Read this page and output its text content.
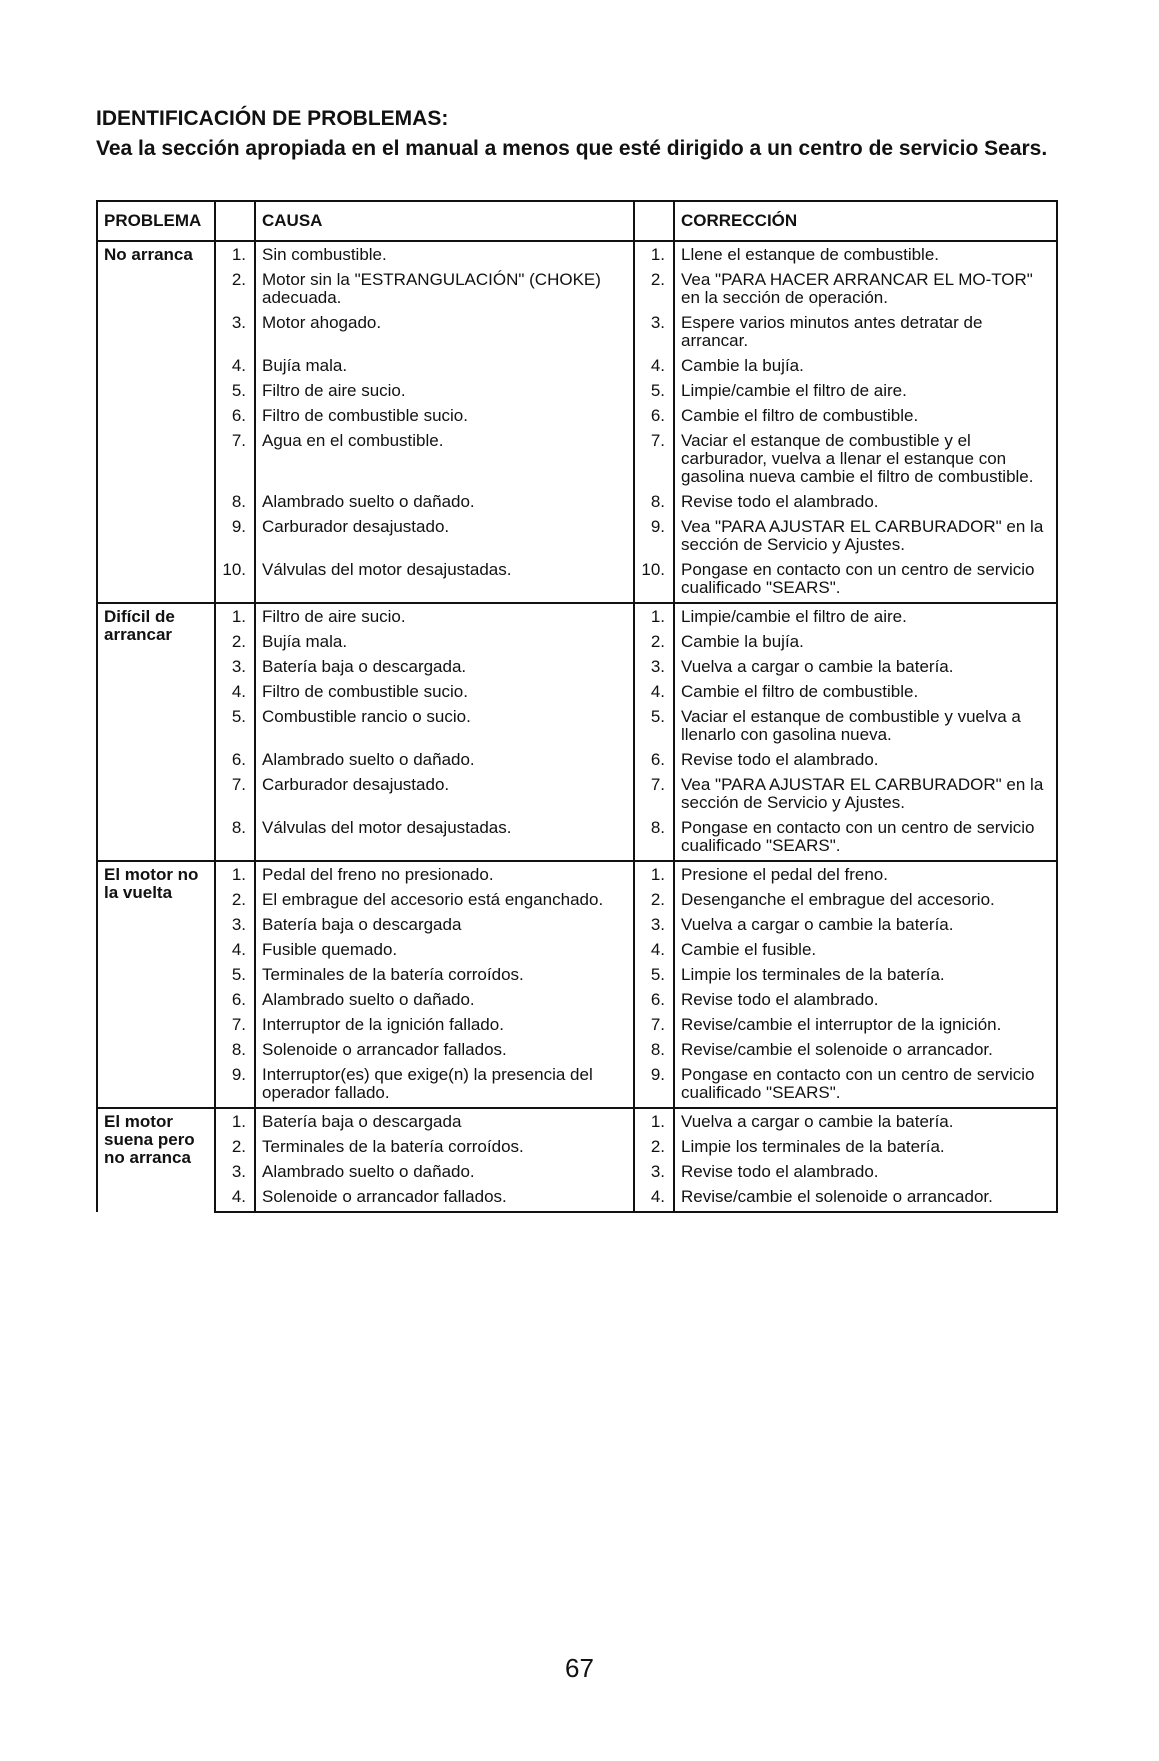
IDENTIFICACIÓN DE PROBLEMAS:
Vea la sección apropiada en el manual a menos que esté dirigido a un centro de servicio Sears.
PROBLEMA		CAUSA		CORRECCIÓN
No arranca	1.	Sin combustible.	1.	Llene el estanque de combustible.
	2.	Motor sin la "ESTRANGULACIÓN" (CHOKE) adecuada.	2.	Vea "PARA HACER ARRANCAR EL MO-TOR" en la sección de operación.
	3.	Motor ahogado.	3.	Espere varios minutos antes detratar de arrancar.
	4.	Bujía mala.	4.	Cambie la bujía.
	5.	Filtro de aire sucio.	5.	Limpie/cambie el filtro de aire.
	6.	Filtro de combustible sucio.	6.	Cambie el filtro de combustible.
	7.	Agua en el combustible.	7.	Vaciar el estanque de combustible y el carburador, vuelva a llenar el estanque con gasolina nueva cambie el filtro de combustible.
	8.	Alambrado suelto o dañado.	8.	Revise todo el alambrado.
	9.	Carburador desajustado.	9.	Vea "PARA AJUSTAR EL CARBURADOR" en la sección de Servicio y Ajustes.
	10.	Válvulas del motor desajustadas.	10.	Pongase en contacto con un centro de servicio cualificado "SEARS".
Difícil de arrancar	1.	Filtro de aire sucio.	1.	Limpie/cambie el filtro de aire.
	2.	Bujía mala.	2.	Cambie la bujía.
	3.	Batería baja o descargada.	3.	Vuelva a cargar o cambie la batería.
	4.	Filtro de combustible sucio.	4.	Cambie el filtro de combustible.
	5.	Combustible rancio o sucio.	5.	Vaciar el estanque de combustible y vuelva a llenarlo con gasolina nueva.
	6.	Alambrado suelto o dañado.	6.	Revise todo el alambrado.
	7.	Carburador desajustado.	7.	Vea "PARA AJUSTAR EL CARBURADOR" en la sección de Servicio y Ajustes.
	8.	Válvulas del motor desajustadas.	8.	Pongase en contacto con un centro de servicio cualificado "SEARS".
El motor no la vuelta	1.	Pedal del freno no presionado.	1.	Presione el pedal del freno.
	2.	El embrague del accesorio está enganchado.	2.	Desenganche el embrague del accesorio.
	3.	Batería baja o descargada	3.	Vuelva a cargar o cambie la batería.
	4.	Fusible quemado.	4.	Cambie el fusible.
	5.	Terminales de la batería corroídos.	5.	Limpie los terminales de la batería.
	6.	Alambrado suelto o dañado.	6.	Revise todo el alambrado.
	7.	Interruptor de la ignición fallado.	7.	Revise/cambie el interruptor de la ignición.
	8.	Solenoide o arrancador fallados.	8.	Revise/cambie el solenoide o arrancador.
	9.	Interruptor(es) que exige(n) la presencia del operador fallado.	9.	Pongase en contacto con un centro de servicio cualificado "SEARS".
El motor suena pero no arranca	1.	Batería baja o descargada	1.	Vuelva a cargar o cambie la batería.
	2.	Terminales de la batería corroídos.	2.	Limpie los terminales de la batería.
	3.	Alambrado suelto o dañado.	3.	Revise todo el alambrado.
	4.	Solenoide o arrancador fallados.	4.	Revise/cambie el solenoide o arrancador.
67
